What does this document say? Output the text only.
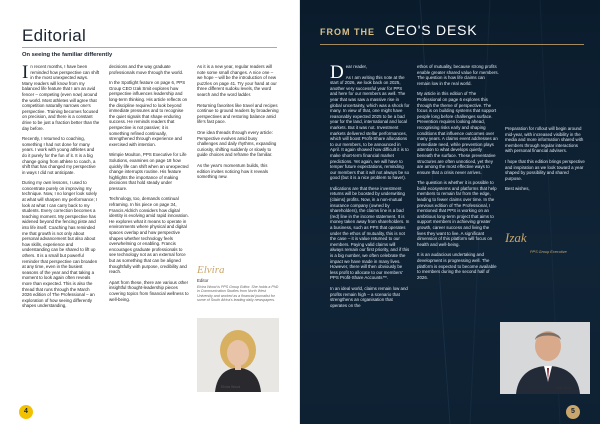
Editorial
On seeing the familiar differently

In recent months, I have been reminded how perspective can shift in the most unexpected ways. Many readers will know from my balanced life feature that I am an avid fencer – competing (even now) around the world. Most athletes will agree that competition naturally narrows one's perspective. Training becomes focused on precision, and there is a constant drive to be just a fraction better than the day before.

Recently, I returned to coaching, something I had not done for many years. I work with young athletes and do it purely for the fun of it. It is a big change going from athlete to coach, a shift that has changed my perspective in ways I did not anticipate.

During my own lessons, I used to concentrate purely on improving my technique. Now, I no longer look solely at what will sharpen my performance; I look at what I can carry back to my students. Every correction becomes a teaching moment. My perspective has widened beyond the fencing piste and into life itself. Coaching has reminded me that growth is not only about personal advancement but also about how skills, experience and understanding can be shared to lift up others. It is a small but powerful reminder that perspective can broaden at any time, even in the busiest seasons of the year and that taking a moment to look again often reveals more than expected. This is also the thread that runs through the March 2026 edition of The Professional – an exploration of how seeing differently shapes understanding,

decisions and the way graduate professionals move through the world.

In the Spotlight feature on page 6, PPS Group CEO Izak Smit explores how perspective influences leadership and long-term thinking. His article reflects on the discipline required to look beyond immediate pressures and to recognise the quiet signals that shape enduring success. He reminds readers that perspective is not passive; it is something refined continually, strengthened through experience and exercised with intention.

Wimpie Moulton, PPS Executive for Life Solutions, examines on page 18 how quickly life can shift when an unexpected change interrupts routine. His feature highlights the importance of making decisions that hold steady under pressure.

Technology, too, demands continual reframing. In his piece on page 34, Francis Aldrich considers how digital identity is evolving amid rapid innovation. He explores what it means to operate in environments where physical and digital spaces overlap and how perspective shapes whether technology feels overwhelming or enabling. Francis encourages graduate professionals to see technology not as an external force but as something that can be aligned thoughtfully with purpose, credibility and reach.

Apart from these, there are various other insightful thought-leadership pieces covering topics from financial wellness to well-being.

As it is a new year, regular readers will note some small changes. A nice one – we hope – will be the introduction of new puzzles on page 41. Try your hand at our three different sudoku levels, the word search and the word ladder.

Returning favorites like travel and recipes continue to ground readers by broadening perspectives and restoring balance amid life's fast pace.

One idea threads through every article: Perspective evolves amid busy challenges and daily rhythms, expanding curiosity, shifting suddenly or slowly to guide choices and reframe the familiar.

As the year's momentum builds, this edition invites noticing how it reveals something new.

Elvira
Editor
Elvira Wood is PPS Group Editor. She holds a PhD in Communication Studies from North West University and worked as a financial journalist for some of South Africa's leading daily newspapers.
Elvira Wood
4
FROM THE CEO'S DESK

Dear reader,

As I am writing this note at the start of 2026, we look back on 2025, another very successful year for PPS and here for our members as well. The year that was saw a massive rise in global uncertainty, which was a shock for many. In view of that, one might have reasonably expected 2025 to be a bad year for the land, international and local markets. But it was not. Investment markets delivered stellar performances, which will boost Profit-Share allocations to our members, to be announced in April. It again showed how difficult it is to make short-term financial market predictions. Yet again, we will have to temper future expectations, reminding our members that it will not always be so good (but it is a nice problem to have!).

Indications are that these investment returns will be boosted by underwriting (claims) profits. Now, in a non-mutual insurance company (owned by shareholders), the claims line is a bad (red) line in the income statement. It is money taken away from shareholders. In a business, such as PPS that operates under the ethos of mutuality, this is not the case – it is value returned to our members. Paying valid claims will always remain our first priority, and if this is a big number, we often celebrate the impact we have made in many lives. However, there will then obviously be less profit to allocate to our members' PPS Profit-Share Accounts™.

In an ideal world, claims remain low and profits remain high – a scenario that strengthens an organisation that operates on the

ethos of mutuality, because strong profits enable greater shared value for members. The question is how life claims can remain low in the real world.

My article in this edition of The Professional on page 6 explores this through the theme of perspective. The focus is on building systems that support people long before challenges surface. Prevention requires looking ahead, recognising risks early and shaping conditions that influence outcomes over many years. A claims event addresses an immediate need, while prevention plays attention to what develops quietly beneath the surface. These preventative structures are often unnoticed, yet they are among the most effective ways to ensure that a crisis never arrives.

The question is whether it is possible to build ecosystems and platforms that help members to remain far from the edge, leading to fewer claims over time. In the previous edition of The Professional, I mentioned that PPS is working on an ambitious long-term project that aims to support members in achieving greater growth, career success and living the lives they want to live. A significant dimension of this platform will focus on health and well-being.

It is an audacious undertaking and development is progressing well. The platform is expected to become available to members during the second half of 2026.

Preparation for rollout will begin around mid-year, with increased visibility in the media and more information shared with members through regular interactions with personal financial advisers.

I hope that this edition brings perspective and inspiration as we look toward a year shaped by possibility and shared purpose.

Best wishes,

Izak
PPS Group Executive
Izak Smit
5
